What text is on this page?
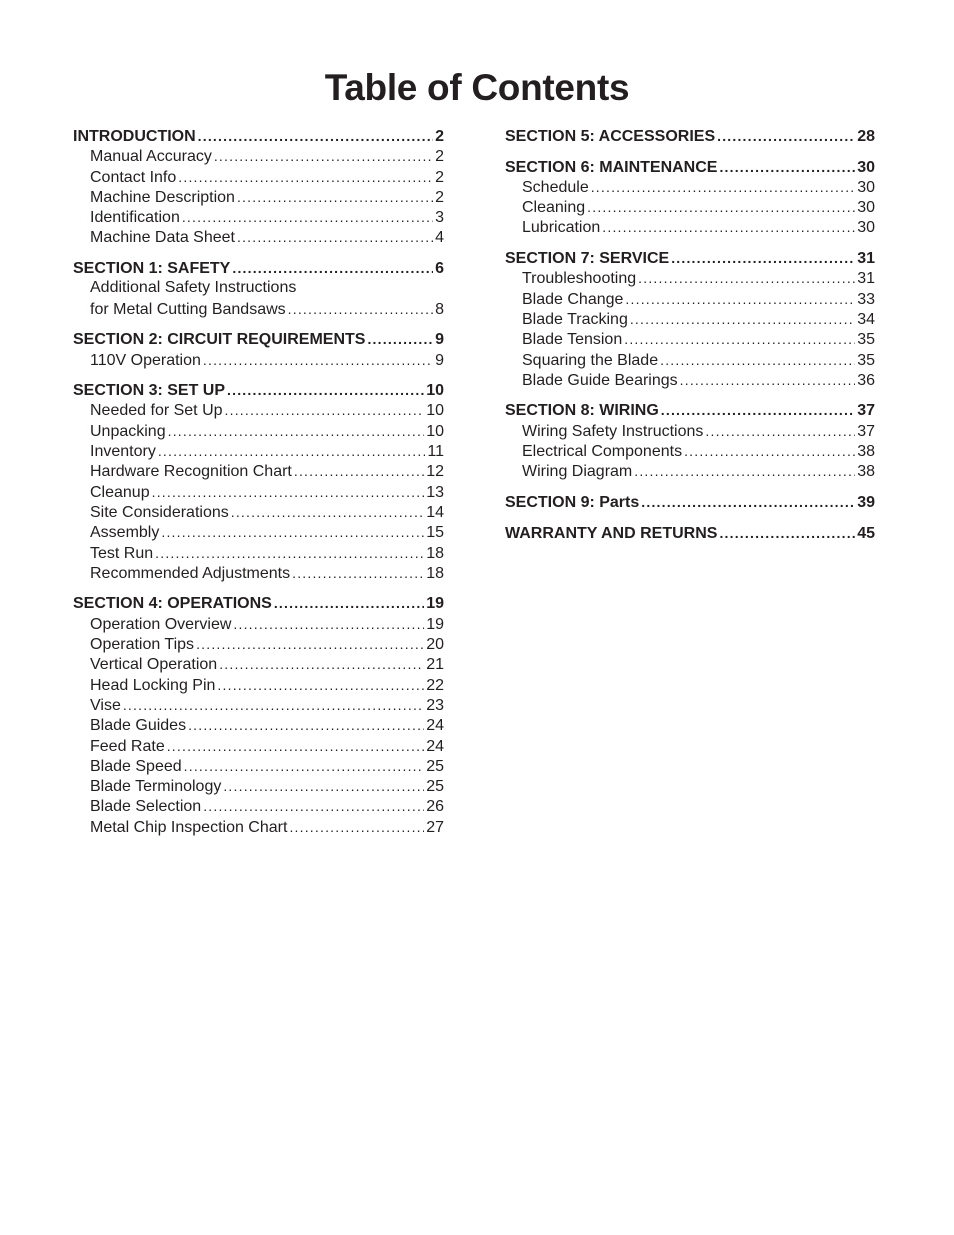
Table of Contents
INTRODUCTION .....	2
Manual Accuracy .....	2
Contact Info .....	2
Machine Description .....	2
Identification .....	3
Machine Data Sheet .....	4
SECTION 1: SAFETY .....	6
Additional Safety Instructions
for Metal Cutting Bandsaws .....	8
SECTION 2: CIRCUIT REQUIREMENTS .....	9
110V Operation .....	9
SECTION 3: SET UP .....	10
Needed for Set Up .....	10
Unpacking .....	10
Inventory .....	11
Hardware Recognition Chart .....	12
Cleanup .....	13
Site Considerations .....	14
Assembly .....	15
Test Run .....	18
Recommended Adjustments .....	18
SECTION 4: OPERATIONS .....	19
Operation Overview .....	19
Operation Tips .....	20
Vertical Operation .....	21
Head Locking Pin .....	22
Vise .....	23
Blade Guides .....	24
Feed Rate .....	24
Blade Speed .....	25
Blade Terminology .....	25
Blade Selection .....	26
Metal Chip Inspection Chart .....	27
SECTION 5: ACCESSORIES .....	28
SECTION 6: MAINTENANCE .....	30
Schedule .....	30
Cleaning .....	30
Lubrication .....	30
SECTION 7: SERVICE .....	31
Troubleshooting .....	31
Blade Change .....	33
Blade Tracking .....	34
Blade Tension .....	35
Squaring the Blade .....	35
Blade Guide Bearings .....	36
SECTION 8: WIRING .....	37
Wiring Safety Instructions .....	37
Electrical Components .....	38
Wiring Diagram .....	38
SECTION 9: Parts .....	39
WARRANTY AND RETURNS .....	45
